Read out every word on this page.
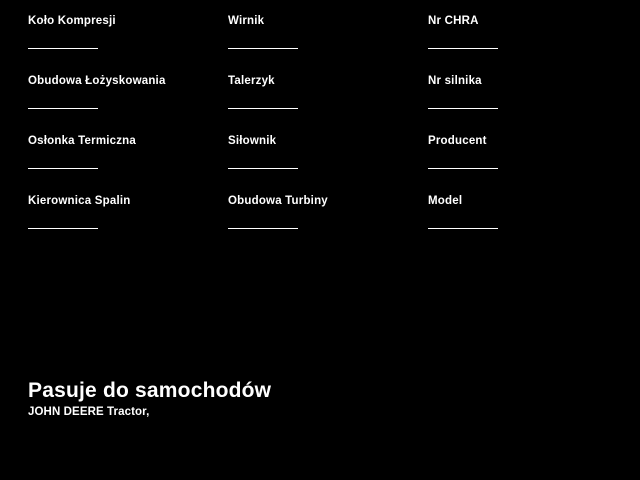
Koło Kompresji	Wirnik	Nr CHRA
Obudowa Łożyskowania	Talerzyk	Nr silnika
Osłonka Termiczna	Siłownik	Producent
Kierownica Spalin	Obudowa Turbiny	Model
Pasuje do samochodów
JOHN DEERE Tractor,
